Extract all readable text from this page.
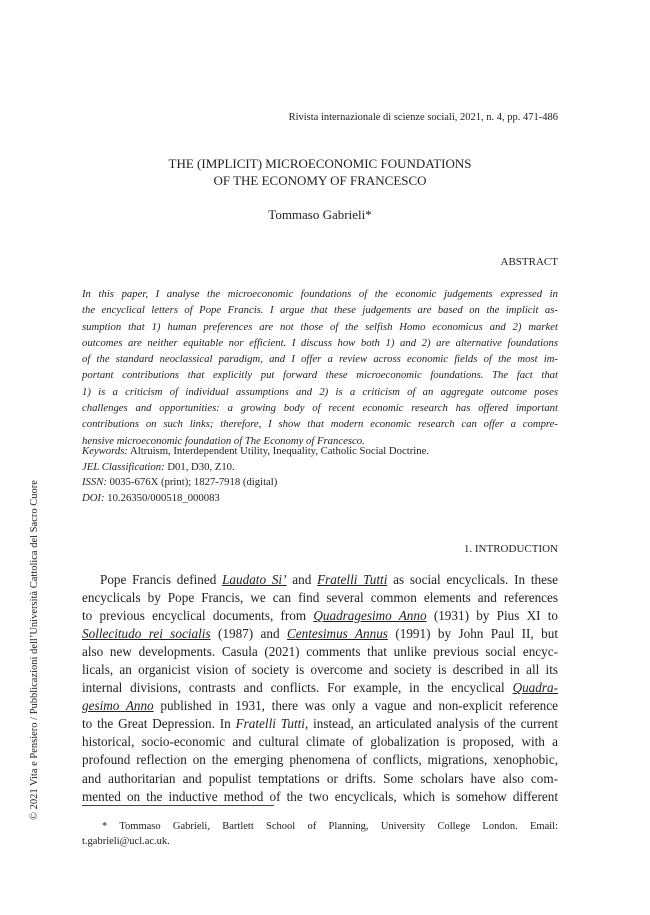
Rivista internazionale di scienze sociali, 2021, n. 4, pp. 471-486
THE (IMPLICIT) MICROECONOMIC FOUNDATIONS
OF THE ECONOMY OF FRANCESCO
Tommaso Gabrieli*
ABSTRACT
In this paper, I analyse the microeconomic foundations of the economic judgements expressed in
the encyclical letters of Pope Francis. I argue that these judgements are based on the implicit as-
sumption that 1) human preferences are not those of the selfish Homo economicus and 2) market
outcomes are neither equitable nor efficient. I discuss how both 1) and 2) are alternative foundations
of the standard neoclassical paradigm, and I offer a review across economic fields of the most im-
portant contributions that explicitly put forward these microeconomic foundations. The fact that
1) is a criticism of individual assumptions and 2) is a criticism of an aggregate outcome poses
challenges and opportunities: a growing body of recent economic research has offered important
contributions on such links; therefore, I show that modern economic research can offer a compre-
hensive microeconomic foundation of The Economy of Francesco.
Keywords: Altruism, Interdependent Utility, Inequality, Catholic Social Doctrine.
JEL Classification: D01, D30, Z10.
ISSN: 0035-676X (print); 1827-7918 (digital)
DOI: 10.26350/000518_000083
1. INTRODUCTION
Pope Francis defined Laudato Si’ and Fratelli Tutti as social encyclicals. In these
encyclicals by Pope Francis, we can find several common elements and references
to previous encyclical documents, from Quadragesimo Anno (1931) by Pius XI to
Sollecitudo rei socialis (1987) and Centesimus Annus (1991) by John Paul II, but
also new developments. Casula (2021) comments that unlike previous social encyc-
licals, an organicist vision of society is overcome and society is described in all its
internal divisions, contrasts and conflicts. For example, in the encyclical Quadra-
gesimo Anno published in 1931, there was only a vague and non-explicit reference
to the Great Depression. In Fratelli Tutti, instead, an articulated analysis of the current
historical, socio-economic and cultural climate of globalization is proposed, with a
profound reflection on the emerging phenomena of conflicts, migrations, xenophobic,
and authoritarian and populist temptations or drifts. Some scholars have also com-
mented on the inductive method of the two encyclicals, which is somehow different
* Tommaso Gabrieli, Bartlett School of Planning, University College London. Email:
t.gabrieli@ucl.ac.uk.
© 2021 Vita e Pensiero / Pubblicazioni dell’Università Cattolica del Sacro Cuore
